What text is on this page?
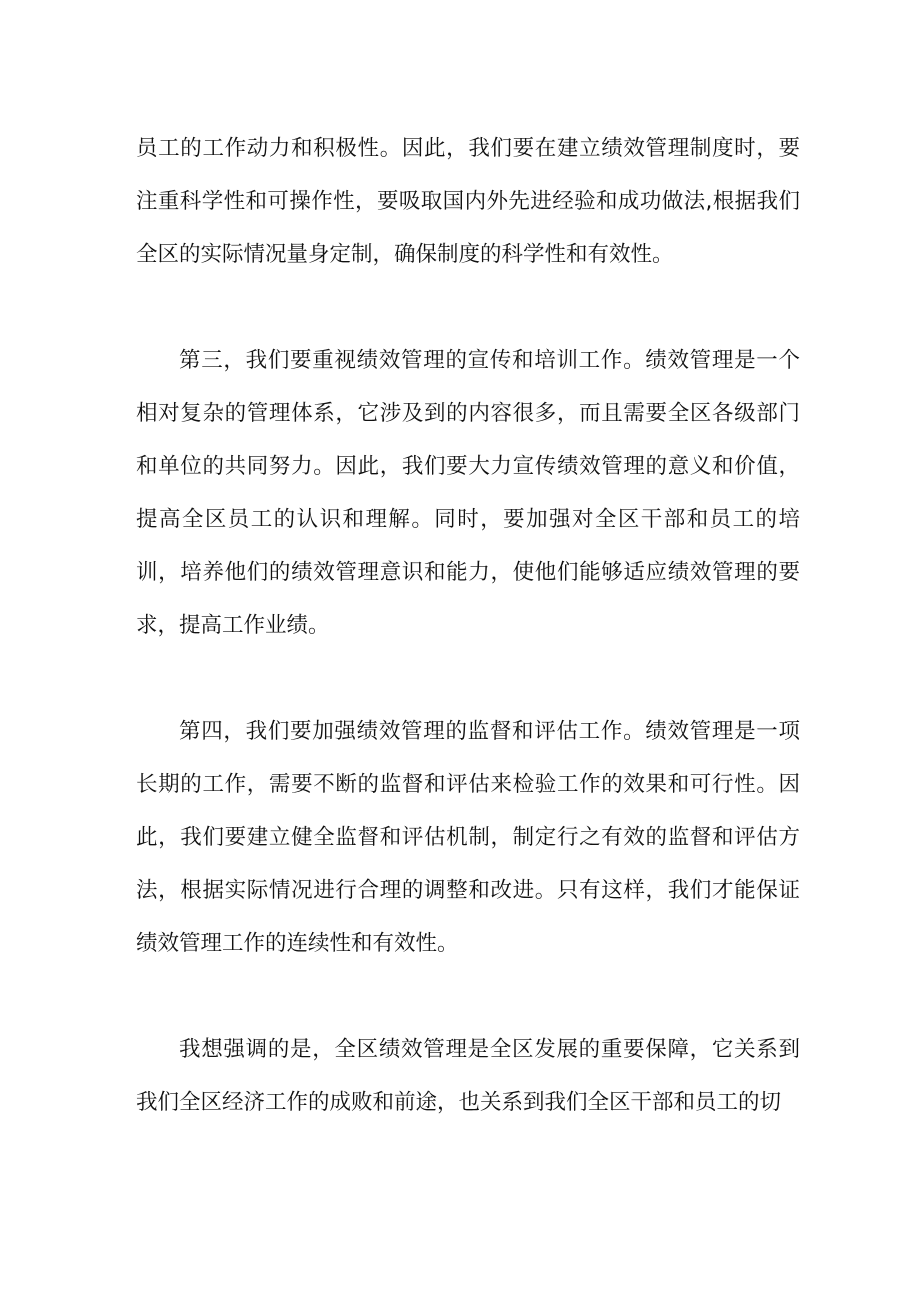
员工的工作动力和积极性。因此，我们要在建立绩效管理制度时，要注重科学性和可操作性，要吸取国内外先进经验和成功做法,根据我们全区的实际情况量身定制，确保制度的科学性和有效性。

第三，我们要重视绩效管理的宣传和培训工作。绩效管理是一个相对复杂的管理体系，它涉及到的内容很多，而且需要全区各级部门和单位的共同努力。因此，我们要大力宣传绩效管理的意义和价值，提高全区员工的认识和理解。同时，要加强对全区干部和员工的培训，培养他们的绩效管理意识和能力，使他们能够适应绩效管理的要求，提高工作业绩。

第四，我们要加强绩效管理的监督和评估工作。绩效管理是一项长期的工作，需要不断的监督和评估来检验工作的效果和可行性。因此，我们要建立健全监督和评估机制，制定行之有效的监督和评估方法，根据实际情况进行合理的调整和改进。只有这样，我们才能保证绩效管理工作的连续性和有效性。

我想强调的是，全区绩效管理是全区发展的重要保障，它关系到我们全区经济工作的成败和前途，也关系到我们全区干部和员工的切
